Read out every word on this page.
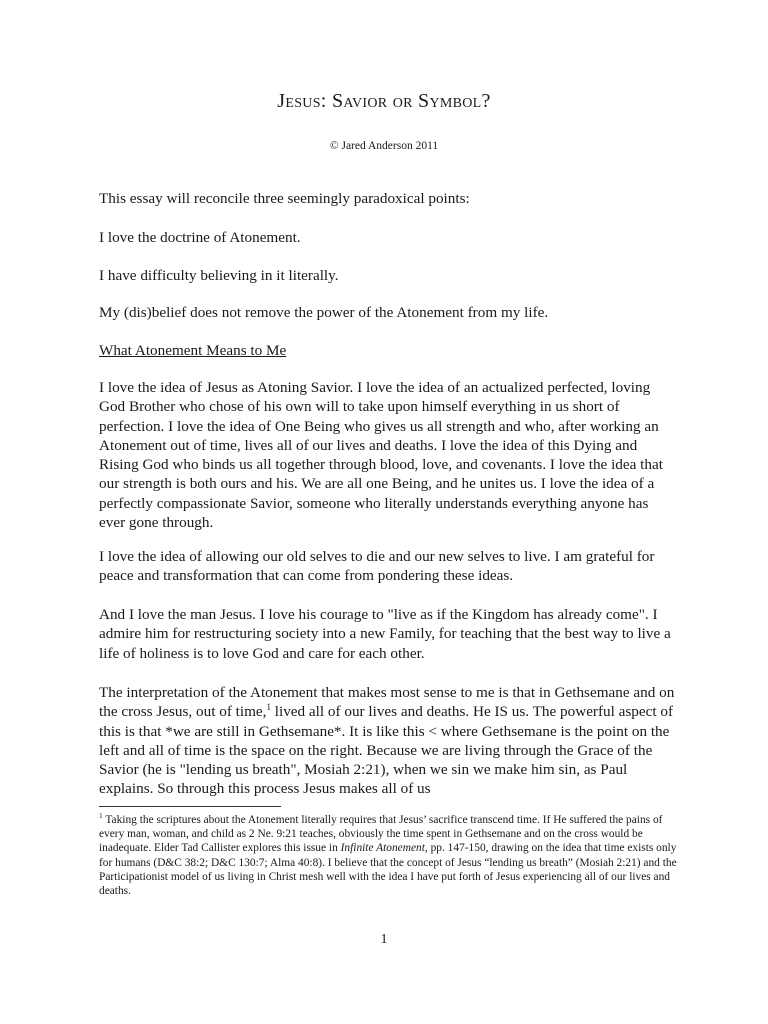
Jesus: Savior or Symbol?

© Jared Anderson 2011

This essay will reconcile three seemingly paradoxical points:

I love the doctrine of Atonement.

I have difficulty believing in it literally.

My (dis)belief does not remove the power of the Atonement from my life.

What Atonement Means to Me

I love the idea of Jesus as Atoning Savior. I love the idea of an actualized perfected, loving God Brother who chose of his own will to take upon himself everything in us short of perfection. I love the idea of One Being who gives us all strength and who, after working an Atonement out of time, lives all of our lives and deaths. I love the idea of this Dying and Rising God who binds us all together through blood, love, and covenants. I love the idea that our strength is both ours and his. We are all one Being, and he unites us. I love the idea of a perfectly compassionate Savior, someone who literally understands everything anyone has ever gone through.

I love the idea of allowing our old selves to die and our new selves to live. I am grateful for peace and transformation that can come from pondering these ideas.

And I love the man Jesus. I love his courage to "live as if the Kingdom has already come". I admire him for restructuring society into a new Family, for teaching that the best way to live a life of holiness is to love God and care for each other.

The interpretation of the Atonement that makes most sense to me is that in Gethsemane and on the cross Jesus, out of time,$^1$ lived all of our lives and deaths. He IS us. The powerful aspect of this is that *we are still in Gethsemane*. It is like this < where Gethsemane is the point on the left and all of time is the space on the right. Because we are living through the Grace of the Savior (he is "lending us breath", Mosiah 2:21), when we sin we make him sin, as Paul explains. So through this process Jesus makes all of us

$^1$ Taking the scriptures about the Atonement literally requires that Jesus’ sacrifice transcend time. If He suffered the pains of every man, woman, and child as 2 Ne. 9:21 teaches, obviously the time spent in Gethsemane and on the cross would be inadequate. Elder Tad Callister explores this issue in Infinite Atonement, pp. 147-150, drawing on the idea that time exists only for humans (D&C 38:2; D&C 130:7; Alma 40:8). I believe that the concept of Jesus “lending us breath” (Mosiah 2:21) and the Participationist model of us living in Christ mesh well with the idea I have put forth of Jesus experiencing all of our lives and deaths.

1
